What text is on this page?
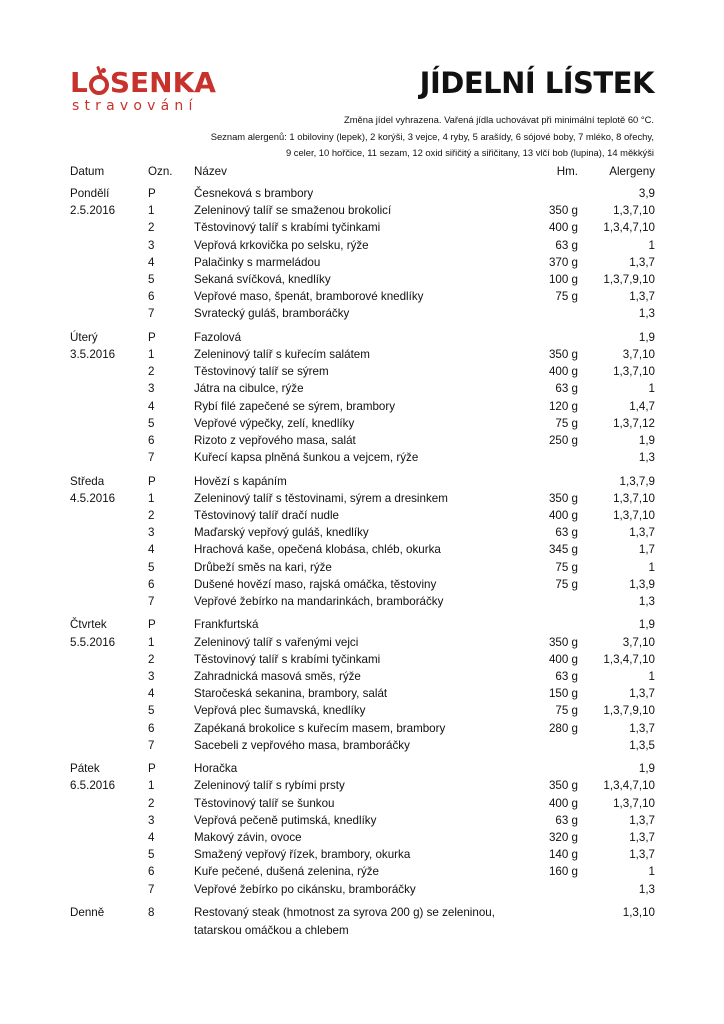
L SENKA
stravování
JÍDELNÍ LÍSTEK
Změna jídel vyhrazena. Vařená jídla uchovávat při minimální teplotě 60 °C.
Seznam alergenů: 1 obiloviny (lepek), 2 korýši, 3 vejce, 4 ryby, 5 arašídy, 6 sójové boby, 7 mléko, 8 ořechy,
9 celer, 10 hořčice, 11 sezam, 12 oxid siřičitý a siřičitany, 13 vlčí bob (lupina), 14 měkkýši
Datum	Ozn.	Název	Hm.	Alergeny
Pondělí	P	Česneková s brambory		3,9
2.5.2016	1	Zeleninový talíř se smaženou brokolicí	350 g	1,3,7,10
	2	Těstovinový talíř s krabími tyčinkami	400 g	1,3,4,7,10
	3	Vepřová krkovička po selsku, rýže	63 g	1
	4	Palačinky s marmeládou	370 g	1,3,7
	5	Sekaná svíčková, knedlíky	100 g	1,3,7,9,10
	6	Vepřové maso, špenát, bramborové knedlíky	75 g	1,3,7
	7	Svratecký guláš, bramboráčky		1,3

Úterý	P	Fazolová		1,9
3.5.2016	1	Zeleninový talíř s kuřecím salátem	350 g	3,7,10
	2	Těstovinový talíř se sýrem	400 g	1,3,7,10
	3	Játra na cibulce, rýže	63 g	1
	4	Rybí filé zapečené se sýrem, brambory	120 g	1,4,7
	5	Vepřové výpečky, zelí, knedlíky	75 g	1,3,7,12
	6	Rizoto z vepřového masa, salát	250 g	1,9
	7	Kuřecí kapsa plněná šunkou a vejcem, rýže		1,3

Středa	P	Hovězí s kapáním		1,3,7,9
4.5.2016	1	Zeleninový talíř s těstovinami, sýrem a dresinkem	350 g	1,3,7,10
	2	Těstovinový talíř dračí nudle	400 g	1,3,7,10
	3	Maďarský vepřový guláš, knedlíky	63 g	1,3,7
	4	Hrachová kaše, opečená klobása, chléb, okurka	345 g	1,7
	5	Drůbeží směs na kari, rýže	75 g	1
	6	Dušené hovězí maso, rajská omáčka, těstoviny	75 g	1,3,9
	7	Vepřové žebírko na mandarinkách, bramboráčky		1,3

Čtvrtek	P	Frankfurtská		1,9
5.5.2016	1	Zeleninový talíř s vařenými vejci	350 g	3,7,10
	2	Těstovinový talíř s krabími tyčinkami	400 g	1,3,4,7,10
	3	Zahradnická masová směs, rýže	63 g	1
	4	Staročeská sekanina, brambory, salát	150 g	1,3,7
	5	Vepřová plec šumavská, knedlíky	75 g	1,3,7,9,10
	6	Zapékaná brokolice s kuřecím masem, brambory	280 g	1,3,7
	7	Sacebeli z vepřového masa, bramboráčky		1,3,5

Pátek	P	Horačka		1,9
6.5.2016	1	Zeleninový talíř s rybími prsty	350 g	1,3,4,7,10
	2	Těstovinový talíř se šunkou	400 g	1,3,7,10
	3	Vepřová pečeně putimská, knedlíky	63 g	1,3,7
	4	Makový závin, ovoce	320 g	1,3,7
	5	Smažený vepřový řízek, brambory, okurka	140 g	1,3,7
	6	Kuře pečené, dušená zelenina, rýže	160 g	1
	7	Vepřové žebírko po cikánsku, bramboráčky		1,3

Denně	8	Restovaný steak (hmotnost za syrova 200 g) se zeleninou, tatarskou omáčkou a chlebem		1,3,10
